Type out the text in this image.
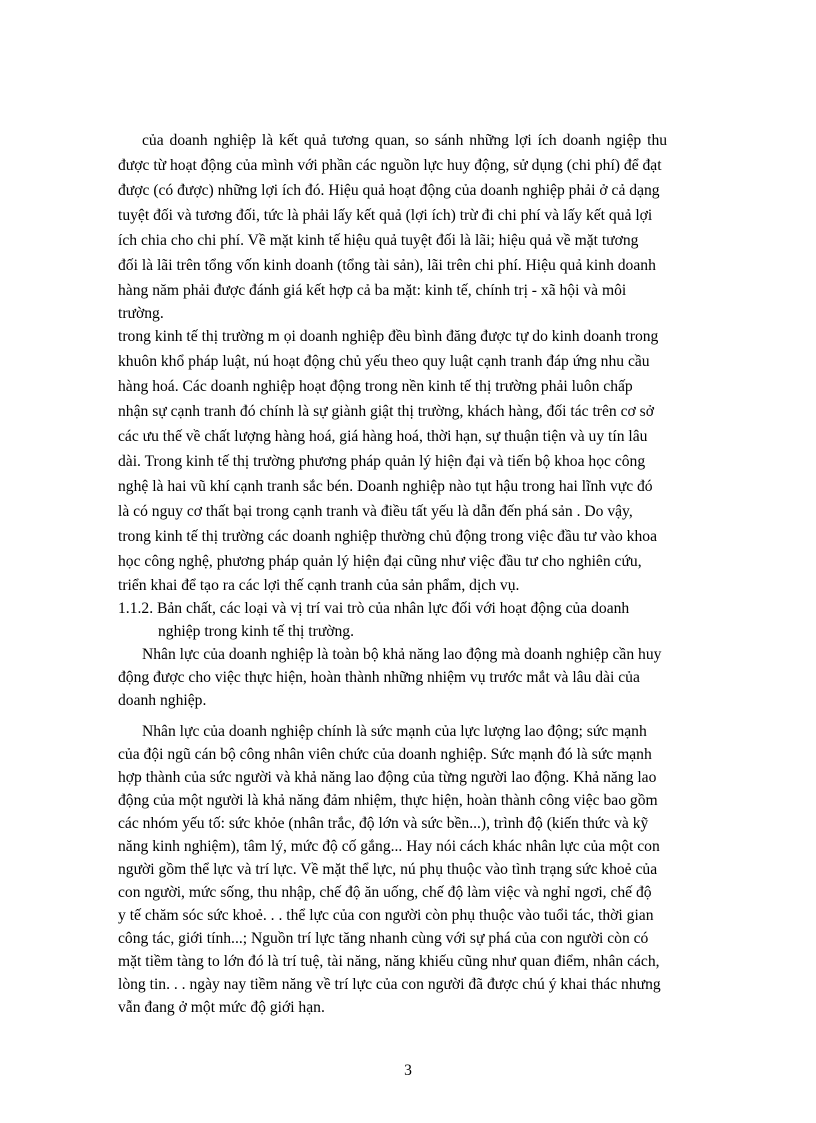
của doanh nghiệp là kết quả tương quan, so sánh những lợi ích doanh ngiệp thu

được từ hoạt động của mình với phần các nguồn lực huy động, sử dụng (chi phí) để đạt

được (có được) những lợi ích đó. Hiệu quả hoạt động của doanh nghiệp phải ở cả dạng

tuyệt đối và tương đối, tức là phải lấy kết quả (lợi ích) trừ đi chi phí và lấy kết quả lợi

ích chia cho chi phí. Về mặt kinh tế hiệu quả tuyệt đối là lãi; hiệu quả về mặt tương

đối là lãi trên tổng vốn kinh doanh (tổng tài sản), lãi trên chi phí. Hiệu quả kinh doanh

hàng năm phải được đánh giá kết hợp cả ba mặt: kinh tế, chính trị - xã hội và môi

trường.

trong kinh tế thị trường m ọi doanh nghiệp đều bình đăng được tự do kinh doanh trong

khuôn khổ pháp luật, nú hoạt động chủ yếu theo quy luật cạnh tranh đáp ứng nhu cầu

hàng hoá. Các doanh nghiệp hoạt động trong nền kinh tế thị trường phải luôn chấp

nhận sự cạnh tranh đó chính là sự giành giật thị trường, khách hàng, đối tác trên cơ sở

các ưu thế về chất lượng hàng hoá, giá hàng hoá, thời hạn, sự thuận tiện và uy tín lâu

dài. Trong kinh tế thị trường phương pháp quản lý hiện đại và tiến bộ khoa học công

nghệ là hai vũ khí cạnh tranh sắc bén. Doanh nghiệp nào tụt hậu trong hai lĩnh vực đó

là có nguy cơ thất bại trong cạnh tranh và điều tất yếu là dẫn đến phá sản . Do vậy,

trong kinh tế thị trường các doanh nghiệp thường chủ động trong việc đầu tư vào khoa

học công nghệ, phương pháp quản lý hiện đại cũng như việc đầu tư cho nghiên cứu,

triển khai để tạo ra các lợi thế cạnh tranh của sản phẩm, dịch vụ.

1.1.2. Bản chất, các loại và vị trí vai trò của nhân lực đối với hoạt động của doanh

nghiệp trong kinh tế thị trường.

Nhân lực của doanh nghiệp là toàn bộ khả năng lao động mà doanh nghiệp cần huy

động được cho việc thực hiện, hoàn thành những nhiệm vụ trước mắt và lâu dài của

doanh nghiệp.

Nhân lực của doanh nghiệp chính là sức mạnh của lực lượng lao động; sức mạnh

của đội ngũ cán bộ công nhân viên chức của doanh nghiệp. Sức mạnh đó là sức mạnh

hợp thành của sức người và khả năng lao động của từng người lao động. Khả năng lao

động của một người là khả năng đảm nhiệm, thực hiện, hoàn thành công việc bao gồm

các nhóm yếu tố: sức khỏe (nhân trắc, độ lớn và sức bền...), trình độ (kiến thức và kỹ

năng kinh nghiệm), tâm lý, mức độ cố gắng... Hay nói cách khác nhân lực của một con

người gồm thể lực và trí lực. Về mặt thể lực, nú phụ thuộc vào tình trạng sức khoẻ của

con người, mức sống, thu nhập, chế độ ăn uống, chế độ làm việc và nghỉ ngơi, chế độ

y tế chăm sóc sức khoẻ. . . thể lực của con người còn phụ thuộc vào tuổi tác, thời gian

công tác, giới tính...; Nguồn trí lực tăng nhanh cùng với sự phá của con người còn có

mặt tiềm tàng to lớn đó là trí tuệ, tài năng, năng khiếu cũng như quan điểm, nhân cách,

lòng tin. . . ngày nay tiềm năng về trí lực của con người đã được chú ý khai thác nhưng

vẫn đang ở một mức độ giới hạn.

3
